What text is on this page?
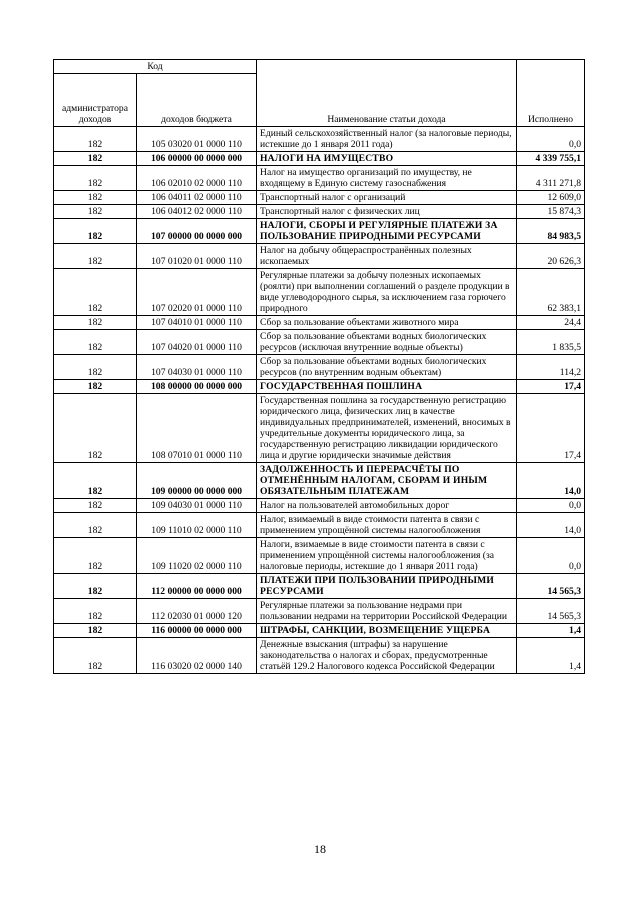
Код		Наименование статьи дохода	Исполнено
администратора доходов	доходов бюджета		
182	105 03020 01 0000 110	Единый сельскохозяйственный налог (за налоговые периоды, истекшие до 1 января 2011 года)	0,0
182	106 00000 00 0000 000	НАЛОГИ НА ИМУЩЕСТВО	4 339 755,1
182	106 02010 02 0000 110	Налог на имущество организаций по имуществу, не входящему в Единую систему газоснабжения	4 311 271,8
182	106 04011 02 0000 110	Транспортный налог с организаций	12 609,0
182	106 04012 02 0000 110	Транспортный налог с физических лиц	15 874,3
182	107 00000 00 0000 000	НАЛОГИ, СБОРЫ И РЕГУЛЯРНЫЕ ПЛАТЕЖИ ЗА ПОЛЬЗОВАНИЕ ПРИРОДНЫМИ РЕСУРСАМИ	84 983,5
182	107 01020 01 0000 110	Налог на добычу общераспространённых полезных ископаемых	20 626,3
182	107 02020 01 0000 110	Регулярные платежи за добычу полезных ископаемых (роялти) при выполнении соглашений о разделе продукции в виде углеводородного сырья, за исключением газа горючего природного	62 383,1
182	107 04010 01 0000 110	Сбор за пользование объектами животного мира	24,4
182	107 04020 01 0000 110	Сбор за пользование объектами водных биологических ресурсов (исключая внутренние водные объекты)	1 835,5
182	107 04030 01 0000 110	Сбор за пользование объектами водных биологических ресурсов (по внутренним водным объектам)	114,2
182	108 00000 00 0000 000	ГОСУДАРСТВЕННАЯ ПОШЛИНА	17,4
182	108 07010 01 0000 110	Государственная пошлина за государственную регистрацию юридического лица, физических лиц в качестве индивидуальных предпринимателей, изменений, вносимых в учредительные документы юридического лица, за государственную регистрацию ликвидации юридического лица и другие юридически значимые действия	17,4
182	109 00000 00 0000 000	ЗАДОЛЖЕННОСТЬ И ПЕРЕРАСЧЁТЫ ПО ОТМЕНЁННЫМ НАЛОГАМ, СБОРАМ И ИНЫМ ОБЯЗАТЕЛЬНЫМ ПЛАТЕЖАМ	14,0
182	109 04030 01 0000 110	Налог на пользователей автомобильных дорог	0,0
182	109 11010 02 0000 110	Налог, взимаемый в виде стоимости патента в связи с применением упрощённой системы налогообложения	14,0
182	109 11020 02 0000 110	Налоги, взимаемые в виде стоимости патента в связи с применением упрощённой системы налогообложения (за налоговые периоды, истекшие до 1 января 2011 года)	0,0
182	112 00000 00 0000 000	ПЛАТЕЖИ ПРИ ПОЛЬЗОВАНИИ ПРИРОДНЫМИ РЕСУРСАМИ	14 565,3
182	112 02030 01 0000 120	Регулярные платежи за пользование недрами при пользовании недрами на территории Российской Федерации	14 565,3
182	116 00000 00 0000 000	ШТРАФЫ, САНКЦИИ, ВОЗМЕЩЕНИЕ УЩЕРБА	1,4
182	116 03020 02 0000 140	Денежные взыскания (штрафы) за нарушение законодательства о налогах и сборах, предусмотренные статьёй 129.2 Налогового кодекса Российской Федерации	1,4
18
